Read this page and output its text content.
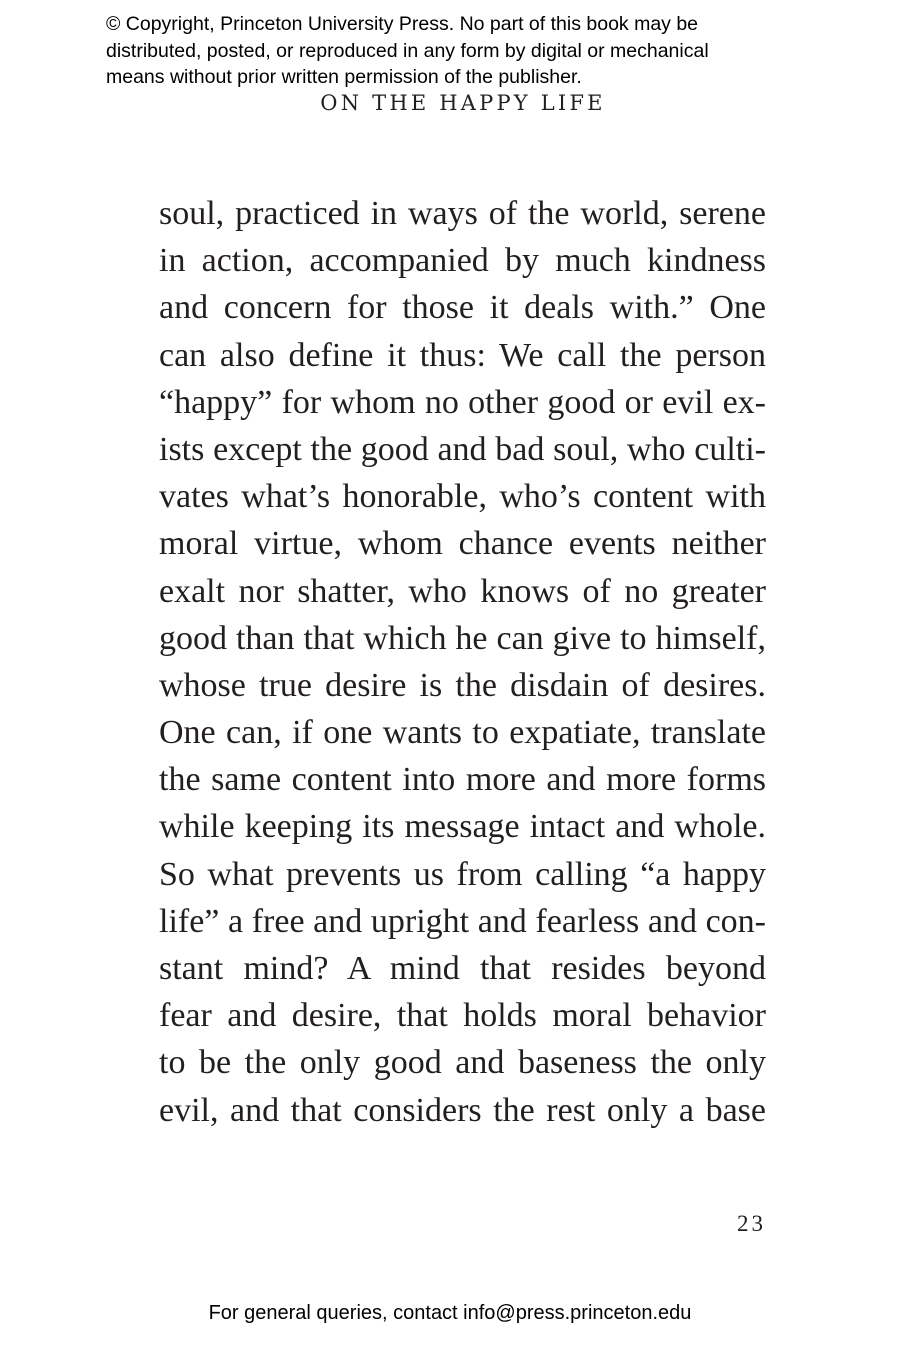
© Copyright, Princeton University Press. No part of this book may be
distributed, posted, or reproduced in any form by digital or mechanical
means without prior written permission of the publisher.
ON THE HAPPY LIFE
soul, practiced in ways of the world, serene
in action, accompanied by much kindness
and concern for those it deals with.” One
can also define it thus: We call the person
“happy” for whom no other good or evil ex-
ists except the good and bad soul, who culti-
vates what’s honorable, who’s content with
moral virtue, whom chance events neither
exalt nor shatter, who knows of no greater
good than that which he can give to himself,
whose true desire is the disdain of desires.
One can, if one wants to expatiate, translate
the same content into more and more forms
while keeping its message intact and whole.
So what prevents us from calling “a happy
life” a free and upright and fearless and con-
stant mind? A mind that resides beyond
fear and desire, that holds moral behavior
to be the only good and baseness the only
evil, and that considers the rest only a base
23
For general queries, contact info@press.princeton.edu
